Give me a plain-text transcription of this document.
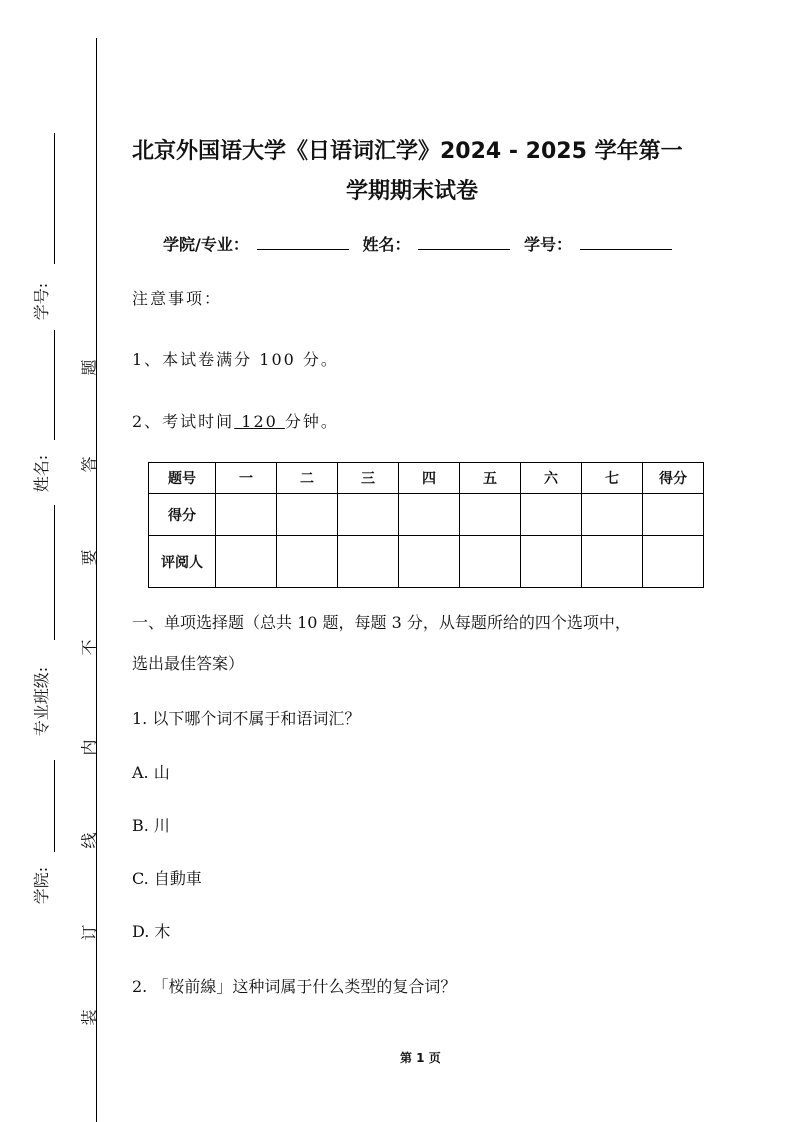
学号:
姓名:
专业班级:
学院:
题
答
要
不
内
线
订
装
北京外国语大学《日语词汇学》2024 - 2025 学年第一
学期期末试卷
学院/专业：	姓名：	学号：
注意事项：
1、本试卷满分 100 分。
2、考试时间 120 分钟。
题号	一	二	三	四	五	六	七	得分
得分								
评阅人								
一、单项选择题（总共 10 题，每题 3 分，从每题所给的四个选项中，
选出最佳答案）
1. 以下哪个词不属于和语词汇？
A. 山
B. 川
C. 自動車
D. 木
2. 「桜前線」这种词属于什么类型的复合词？
第 1 页
